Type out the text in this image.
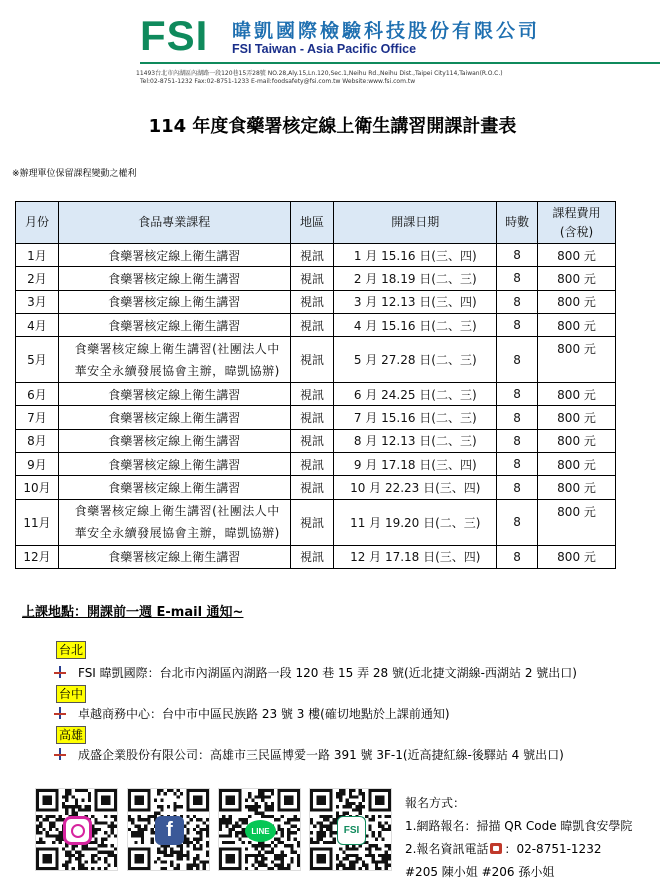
FSI 暐凱國際檢驗科技股份有限公司
FSI Taiwan - Asia Pacific Office
11493台北市內湖區內湖路一段120巷15弄28號 NO.28,Aly.15,Ln.120,Sec.1,Neihu Rd.,Neihu Dist.,Taipei City114,Taiwan(R.O.C.)
Tel:02-8751-1232 Fax:02-8751-1233 E-mail:foodsafety@fsi.com.tw Website:www.fsi.com.tw
114 年度食藥署核定線上衛生講習開課計畫表
※辦理單位保留課程變動之權利
月份	食品專業課程	地區	開課日期	時數	課程費用
(含稅)
1月	食藥署核定線上衛生講習	視訊	1 月 15.16 日(三、四)	8	800 元
2月	食藥署核定線上衛生講習	視訊	2 月 18.19 日(二、三)	8	800 元
3月	食藥署核定線上衛生講習	視訊	3 月 12.13 日(三、四)	8	800 元
4月	食藥署核定線上衛生講習	視訊	4 月 15.16 日(二、三)	8	800 元
5月	食藥署核定線上衛生講習(社團法人中
華安全永續發展協會主辦，暐凱協辦)	視訊	5 月 27.28 日(二、三)	8	800 元
6月	食藥署核定線上衛生講習	視訊	6 月 24.25 日(二、三)	8	800 元
7月	食藥署核定線上衛生講習	視訊	7 月 15.16 日(二、三)	8	800 元
8月	食藥署核定線上衛生講習	視訊	8 月 12.13 日(二、三)	8	800 元
9月	食藥署核定線上衛生講習	視訊	9 月 17.18 日(三、四)	8	800 元
10月	食藥署核定線上衛生講習	視訊	10 月 22.23 日(三、四)	8	800 元
11月	食藥署核定線上衛生講習(社團法人中
華安全永續發展協會主辦，暐凱協辦)	視訊	11 月 19.20 日(二、三)	8	800 元
12月	食藥署核定線上衛生講習	視訊	12 月 17.18 日(三、四)	8	800 元
上課地點：開課前一週 E-mail 通知~
台北
FSI 暐凱國際：台北市內湖區內湖路一段 120 巷 15 弄 28 號(近北捷文湖線-西湖站 2 號出口)
台中
卓越商務中心：台中市中區民族路 23 號 3 樓(確切地點於上課前通知)
高雄
成盛企業股份有限公司：高雄市三民區博愛一路 391 號 3F-1(近高捷紅線-後驛站 4 號出口)
f	LINE	FSI
報名方式：
1.網路報名：掃描 QR Code 暐凱食安學院
2.報名資訊電話 ：02-8751-1232
#205 陳小姐 #206 孫小姐
